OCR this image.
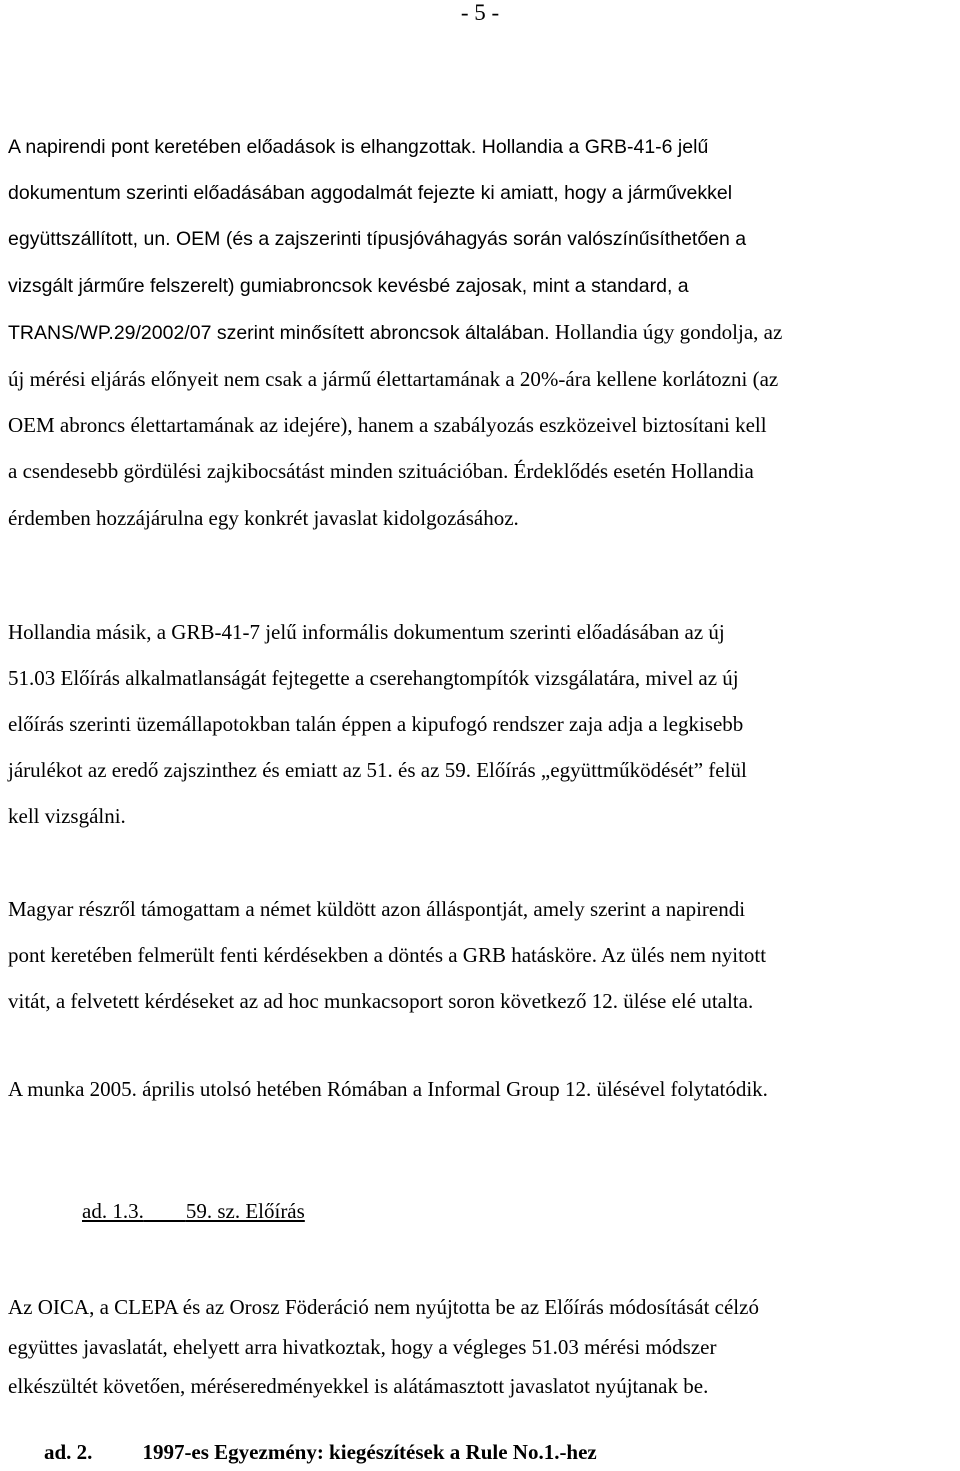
- 5 -
A napirendi pont keretében előadások is elhangzottak. Hollandia a GRB-41-6 jelű
dokumentum szerinti előadásában aggodalmát fejezte ki amiatt, hogy a járművekkel
együttszállított, un. OEM (és a zajszerinti típusjóváhagyás során valószínűsíthetően a
vizsgált járműre felszerelt) gumiabroncsok kevésbé zajosak, mint a standard, a
TRANS/WP.29/2002/07 szerint minősített abroncsok általában. Hollandia úgy gondolja, az
új mérési eljárás előnyeit nem csak a jármű élettartamának a 20%-ára kellene korlátozni (az
OEM abroncs élettartamának az idejére), hanem a szabályozás eszközeivel biztosítani kell
a csendesebb gördülési zajkibocsátást minden szituációban. Érdeklődés esetén Hollandia
érdemben hozzájárulna egy konkrét javaslat kidolgozásához.
Hollandia másik, a GRB-41-7 jelű informális dokumentum szerinti előadásában az új
51.03 Előírás alkalmatlanságát fejtegette a cserehangtompítók vizsgálatára, mivel az új
előírás szerinti üzemállapotokban talán éppen a kipufogó rendszer zaja adja a legkisebb
járulékot az eredő zajszinthez és emiatt az 51. és az 59. Előírás „együttműködését” felül
kell vizsgálni.
Magyar részről támogattam a német küldött azon álláspontját, amely szerint a napirendi
pont keretében felmerült fenti kérdésekben a döntés a GRB hatásköre. Az ülés nem nyitott
vitát, a felvetett kérdéseket az ad hoc munkacsoport soron következő 12. ülése elé utalta.
A munka 2005. április utolsó hetében Rómában a Informal Group 12. ülésével folytatódik.
ad. 1.3. 59. sz. Előírás
Az OICA, a CLEPA és az Orosz Föderáció nem nyújtotta be az Előírás módosítását célzó
együttes javaslatát, ehelyett arra hivatkoztak, hogy a végleges 51.03 mérési módszer
elkészültét követően, méréseredményekkel is alátámasztott javaslatot nyújtanak be.
ad. 2. 1997-es Egyezmény: kiegészítések a Rule No.1.-hez
